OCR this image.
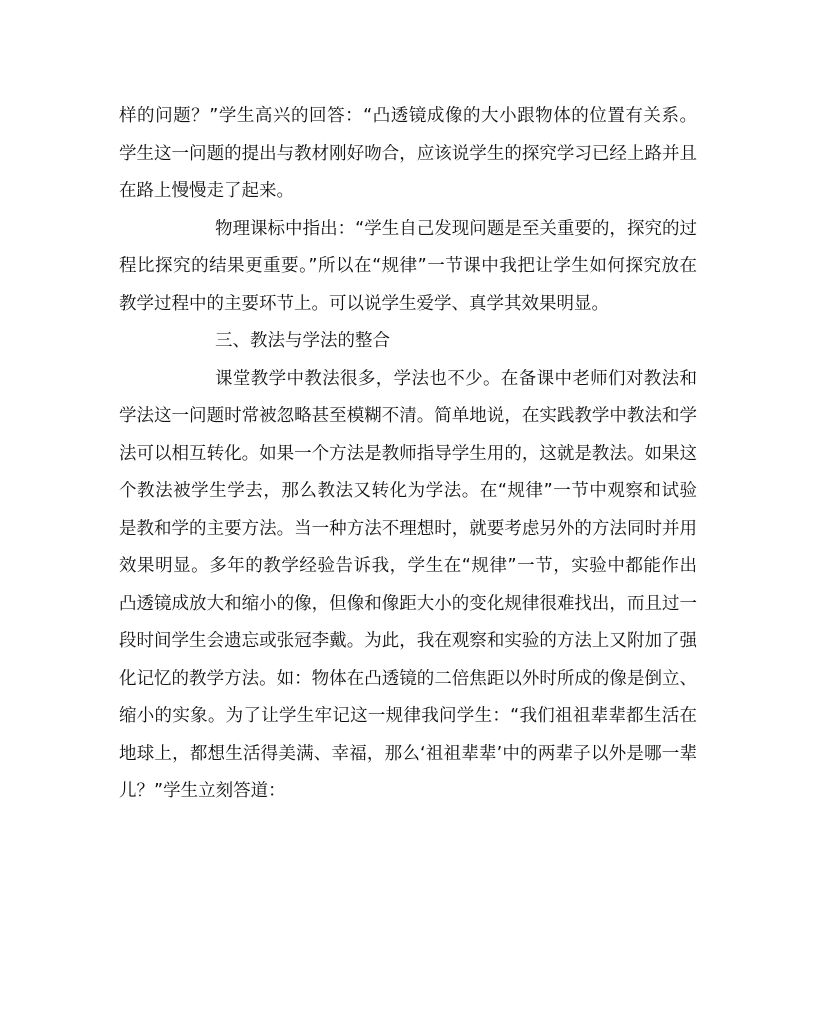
样的问题？”学生高兴的回答：“凸透镜成像的大小跟物体的位置有关系。学生这一问题的提出与教材刚好吻合，应该说学生的探究学习已经上路并且在路上慢慢走了起来。

物理课标中指出：“学生自己发现问题是至关重要的，探究的过程比探究的结果更重要。”所以在“规律”一节课中我把让学生如何探究放在教学过程中的主要环节上。可以说学生爱学、真学其效果明显。

三、教法与学法的整合

课堂教学中教法很多，学法也不少。在备课中老师们对教法和学法这一问题时常被忽略甚至模糊不清。简单地说，在实践教学中教法和学法可以相互转化。如果一个方法是教师指导学生用的，这就是教法。如果这个教法被学生学去，那么教法又转化为学法。在“规律”一节中观察和试验是教和学的主要方法。当一种方法不理想时，就要考虑另外的方法同时并用效果明显。多年的教学经验告诉我，学生在“规律”一节，实验中都能作出凸透镜成放大和缩小的像，但像和像距大小的变化规律很难找出，而且过一段时间学生会遗忘或张冠李戴。为此，我在观察和实验的方法上又附加了强化记忆的教学方法。如：物体在凸透镜的二倍焦距以外时所成的像是倒立、缩小的实象。为了让学生牢记这一规律我问学生：“我们祖祖辈辈都生活在地球上，都想生活得美满、幸福，那么‘祖祖辈辈’中的两辈子以外是哪一辈儿？”学生立刻答道：
